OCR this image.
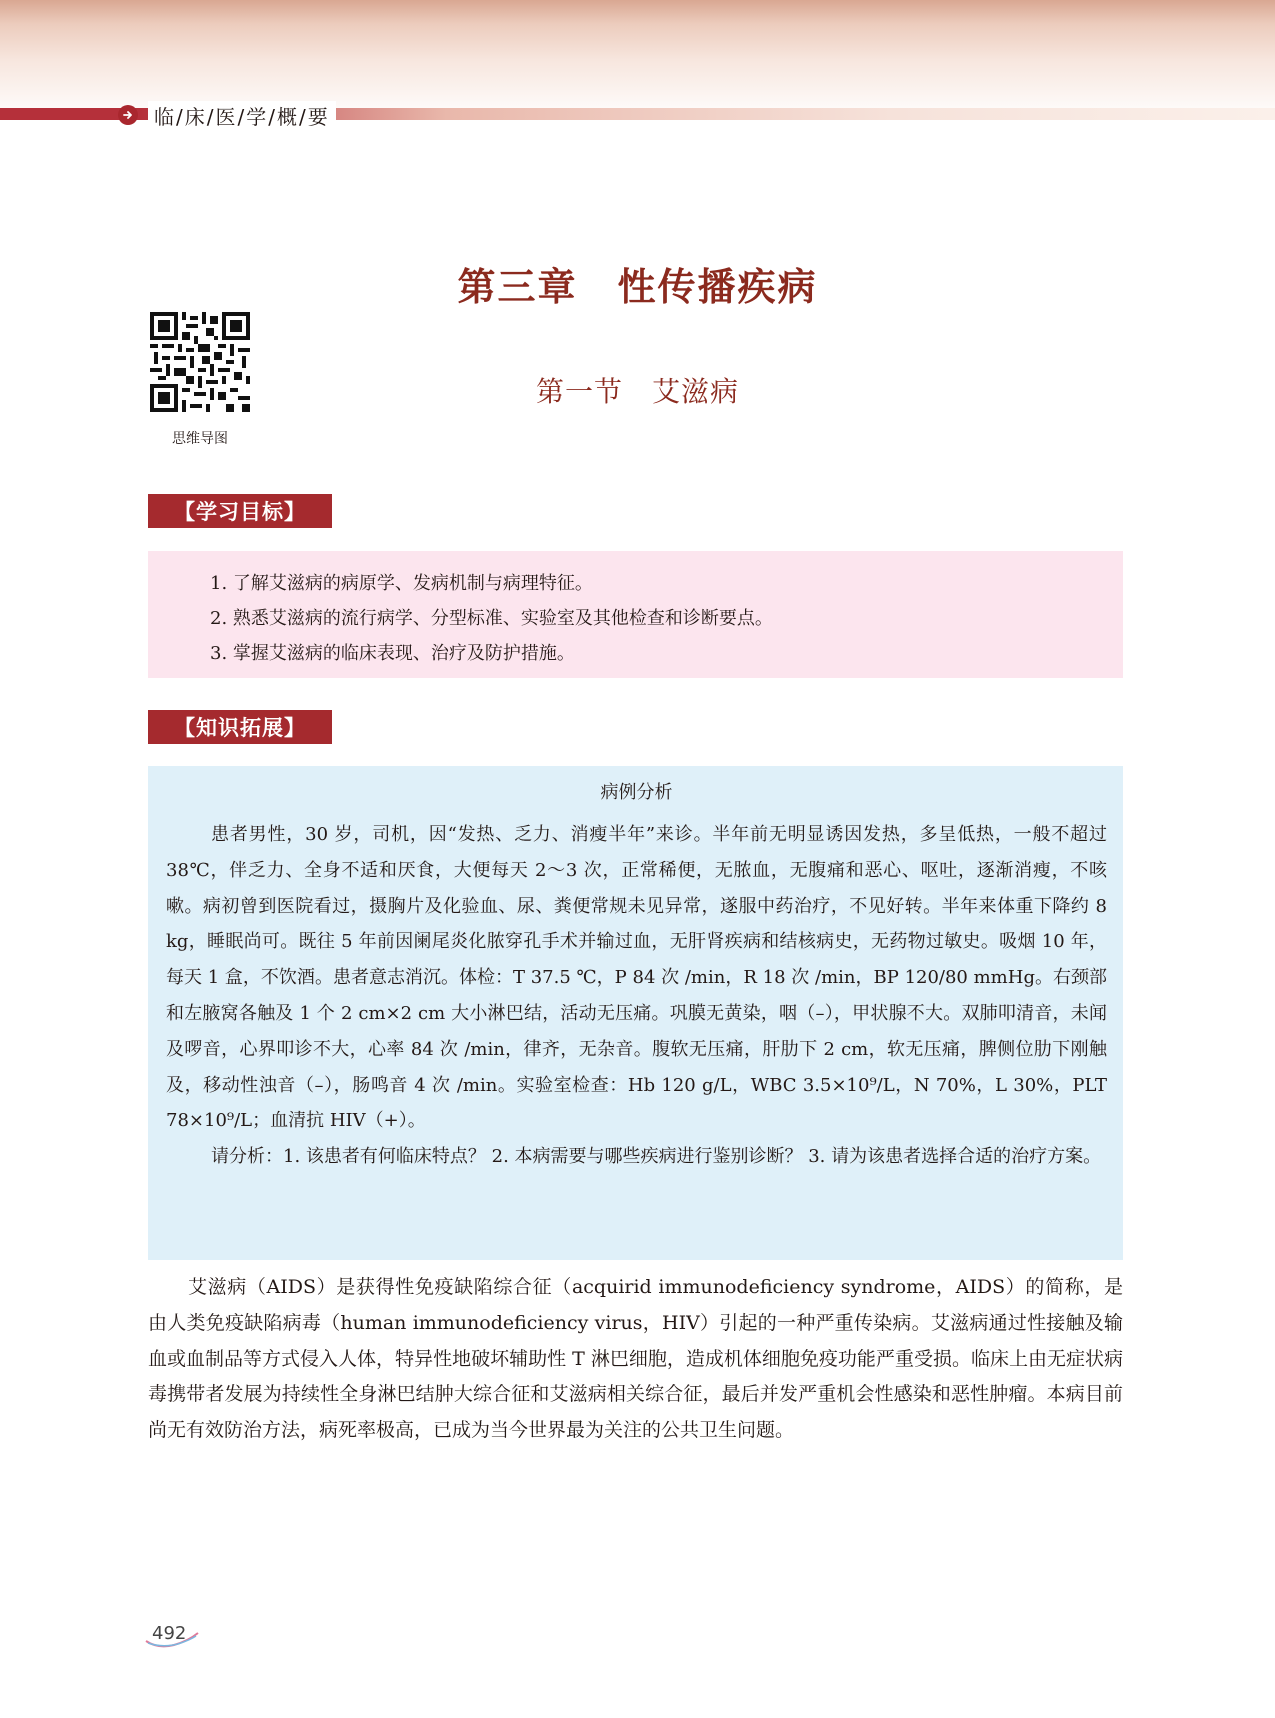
临/床/医/学/概/要
第三章　性传播疾病
思维导图
第一节　艾滋病
【学习目标】
1. 了解艾滋病的病原学、发病机制与病理特征。
2. 熟悉艾滋病的流行病学、分型标准、实验室及其他检查和诊断要点。
3. 掌握艾滋病的临床表现、治疗及防护措施。
【知识拓展】
病例分析

患者男性，30 岁，司机，因“发热、乏力、消瘦半年”来诊。半年前无明显诱因发热，多呈低热，一般不超过 38℃，伴乏力、全身不适和厌食，大便每天 2～3 次，正常稀便，无脓血，无腹痛和恶心、呕吐，逐渐消瘦，不咳嗽。病初曾到医院看过，摄胸片及化验血、尿、粪便常规未见异常，遂服中药治疗，不见好转。半年来体重下降约 8 kg，睡眠尚可。既往 5 年前因阑尾炎化脓穿孔手术并输过血，无肝肾疾病和结核病史，无药物过敏史。吸烟 10 年，每天 1 盒，不饮酒。患者意志消沉。体检：T 37.5 ℃，P 84 次 /min，R 18 次 /min，BP 120/80 mmHg。右颈部和左腋窝各触及 1 个 2 cm×2 cm 大小淋巴结，活动无压痛。巩膜无黄染，咽（–），甲状腺不大。双肺叩清音，未闻及啰音，心界叩诊不大，心率 84 次 /min，律齐，无杂音。腹软无压痛，肝肋下 2 cm，软无压痛，脾侧位肋下刚触及，移动性浊音（–），肠鸣音 4 次 /min。实验室检查：Hb 120 g/L，WBC 3.5×10⁹/L，N 70%，L 30%，PLT 78×10⁹/L；血清抗 HIV（+）。

请分析：1. 该患者有何临床特点？ 2. 本病需要与哪些疾病进行鉴别诊断？ 3. 请为该患者选择合适的治疗方案。

艾滋病（AIDS）是获得性免疫缺陷综合征（acquirid immunodeficiency syndrome，AIDS）的简称，是由人类免疫缺陷病毒（human immunodeficiency virus，HIV）引起的一种严重传染病。艾滋病通过性接触及输血或血制品等方式侵入人体，特异性地破坏辅助性 T 淋巴细胞，造成机体细胞免疫功能严重受损。临床上由无症状病毒携带者发展为持续性全身淋巴结肿大综合征和艾滋病相关综合征，最后并发严重机会性感染和恶性肿瘤。本病目前尚无有效防治方法，病死率极高，已成为当今世界最为关注的公共卫生问题。

492
